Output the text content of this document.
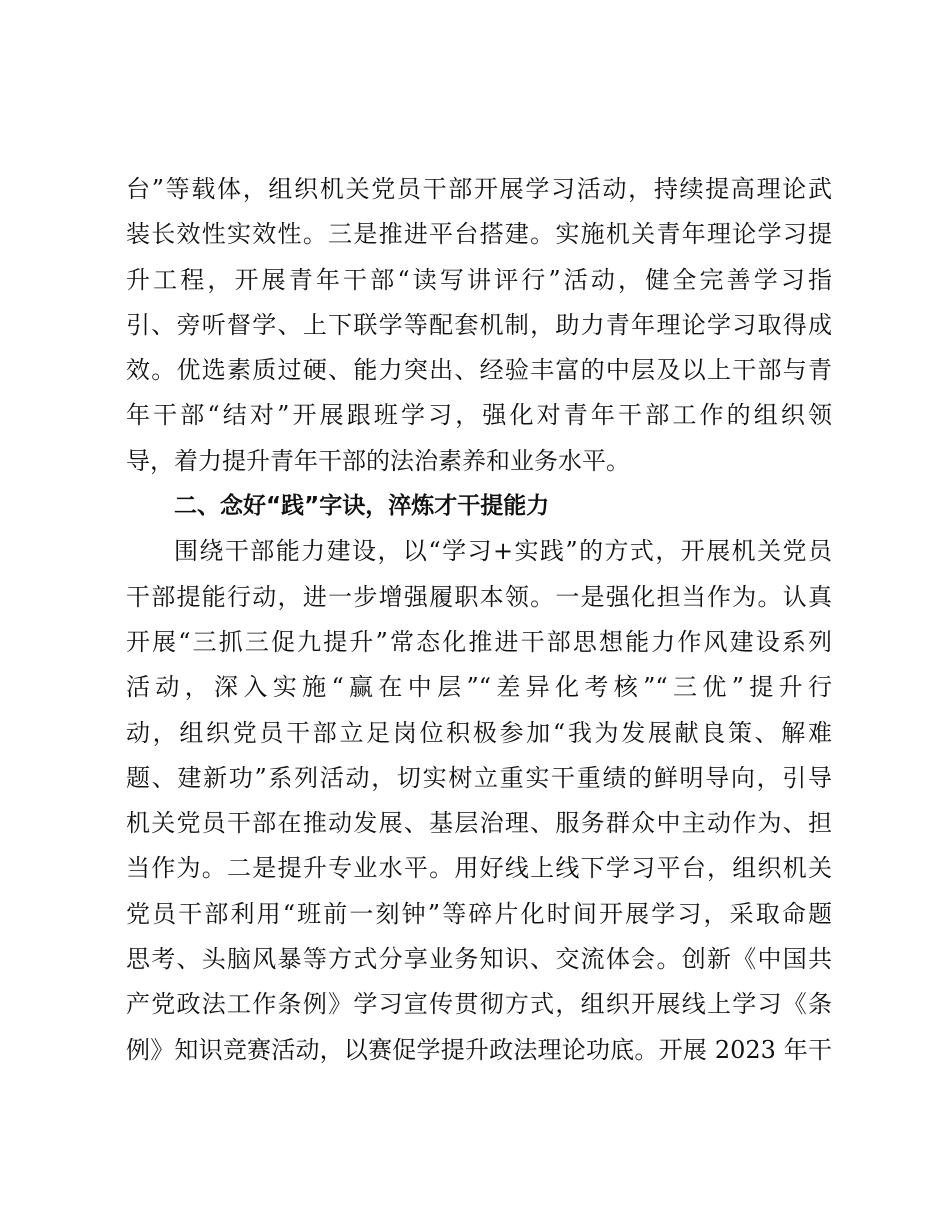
台”等载体，组织机关党员干部开展学习活动，持续提高理论武
装长效性实效性。三是推进平台搭建。实施机关青年理论学习提
升工程，开展青年干部“读写讲评行”活动，健全完善学习指
引、旁听督学、上下联学等配套机制，助力青年理论学习取得成
效。优选素质过硬、能力突出、经验丰富的中层及以上干部与青
年干部“结对”开展跟班学习，强化对青年干部工作的组织领
导，着力提升青年干部的法治素养和业务水平。
二、念好“践”字诀，淬炼才干提能力
围绕干部能力建设，以“学习+实践”的方式，开展机关党员
干部提能行动，进一步增强履职本领。一是强化担当作为。认真
开展“三抓三促九提升”常态化推进干部思想能力作风建设系列
活动，深入实施“赢在中层”“差异化考核”“三优”提升行
动，组织党员干部立足岗位积极参加“我为发展献良策、解难
题、建新功”系列活动，切实树立重实干重绩的鲜明导向，引导
机关党员干部在推动发展、基层治理、服务群众中主动作为、担
当作为。二是提升专业水平。用好线上线下学习平台，组织机关
党员干部利用“班前一刻钟”等碎片化时间开展学习，采取命题
思考、头脑风暴等方式分享业务知识、交流体会。创新《中国共
产党政法工作条例》学习宣传贯彻方式，组织开展线上学习《条
例》知识竞赛活动，以赛促学提升政法理论功底。开展 2023 年干
